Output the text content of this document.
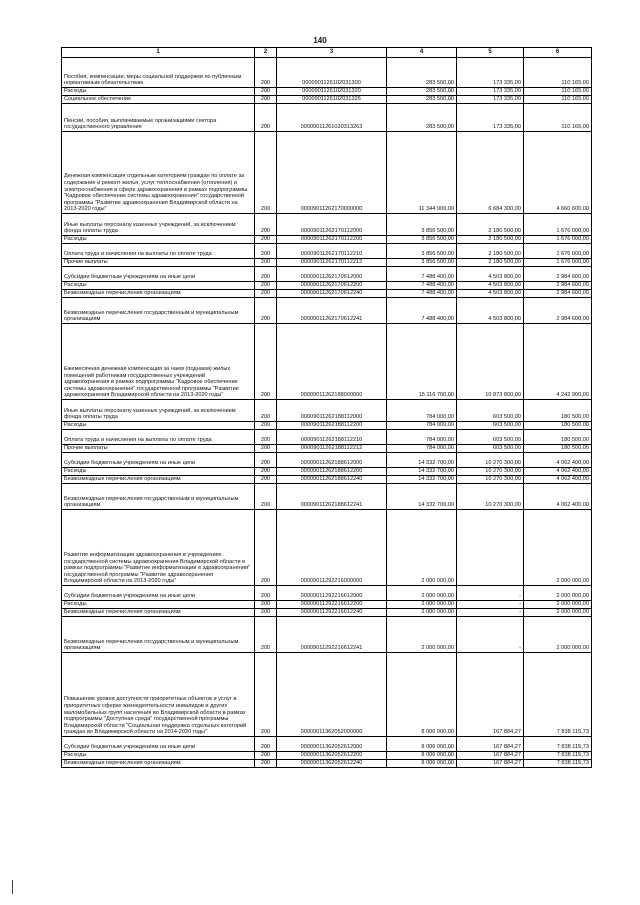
140
1	2	3	4	5	6
Пособия, компенсации, меры социальной поддержки по публичным нормативным обязательствам	200	0000901126102031300	283 500,00	173 335,00	110 165,00
Расходы	200	0000901126102031320	283 500,00	173 335,00	110 165,00
Социальное обеспечение	200	0000901126102031326	283 500,00	173 335,00	110 165,00
Пенсии, пособия, выплачиваемые организациями сектора государственного управления	200	00009011261020313263	283 500,00	173 335,00	110 165,00
Денежная компенсация отдельным категориям граждан по оплате за содержание и ремонт жилья, услуг теплоснабжения (отопления) и электроснабжения в сфере здравоохранения в рамках подпрограммы "Кадровое обеспечение системы здравоохранения" государственной программы "Развитие здравоохранения Владимирской области на 2013-2020 годы"	200	00009011262170000000	11 344 900,00	6 684 300,00	4 660 600,00
Иные выплаты персоналу казенных учреждений, за исключением фонда оплаты труда	200	00009011262170112000	3 856 500,00	2 180 500,00	1 676 000,00
Расходы	200	00009011262170112200	3 856 500,00	2 180 500,00	1 676 000,00
Оплата труда и начисления на выплаты по оплате труда	200	00009011262170112210	3 856 500,00	2 180 500,00	1 676 000,00
Прочие выплаты	200	00009011262170112212	3 856 500,00	2 180 500,00	1 676 000,00
Субсидии бюджетным учреждениям на иные цели	200	00009011262170612000	7 488 400,00	4 503 800,00	2 984 600,00
Расходы	200	00009011262170612200	7 488 400,00	4 503 800,00	2 984 600,00
Безвозмездные перечисления организациям	200	00009011262170612240	7 488 400,00	4 503 800,00	2 984 600,00
Безвозмездные перечисления государственным и муниципальным организациям	200	00009011262170612241	7 488 400,00	4 503 800,00	2 984 600,00
Ежемесячная денежная компенсация за наем (поднаем) жилых помещений работникам государственных учреждений здравоохранения в рамках подпрограммы "Кадровое обеспечение системы здравоохранения" государственной программы "Развитие здравоохранения Владимирской области на 2013-2020 годы"	200	00009011262188000000	15 116 700,00	10 873 800,00	4 242 900,00
Иные выплаты персоналу казенных учреждений, за исключением фонда оплаты труда	200	00009011262188112000	784 000,00	603 500,00	180 500,00
Расходы	200	00009011262188112200	784 000,00	603 500,00	180 500,00
Оплата труда и начисления на выплаты по оплате труда	200	00009011262188112210	784 000,00	603 500,00	180 500,00
Прочие выплаты	200	00009011262188112212	784 000,00	603 500,00	180 500,00
Субсидии бюджетным учреждениям на иные цели	200	00009011262188612000	14 332 700,00	10 270 300,00	4 062 400,00
Расходы	200	00009011262188612200	14 332 700,00	10 270 300,00	4 062 400,00
Безвозмездные перечисления организациям	200	00009011262188612240	14 332 700,00	10 270 300,00	4 062 400,00
Безвозмездные перечисления государственным и муниципальным организациям	200	00009011262188612241	14 332 700,00	10 270 300,00	4 062 400,00
Развитие информатизации здравоохранения в учреждениях государственной системы здравоохранения Владимирской области в рамках подпрограммы "Развитие информатизации в здравоохранении" государственной программы "Развитие здравоохранения Владимирской области на 2013-2020 годы"	200	00009011292216000000	2 000 000,00		2 000 000,00
Субсидии бюджетным учреждениям на иные цели	200	00009011292216612000	2 000 000,00	-	2 000 000,00
Расходы	200	00009011292216612200	2 000 000,00	-	2 000 000,00
Безвозмездные перечисления организациям	200	00009011292216612240	2 000 000,00	-	2 000 000,00
Безвозмездные перечисления государственным и муниципальным организациям	200	00009011292216612241	2 000 000,00	-	2 000 000,00
Повышение уровня доступности приоритетных объектов и услуг в приоритетных сферах жизнедеятельности инвалидов и других маломобильных групп населения во Владимирской области в рамках подпрограммы "Доступная среда" государственной программы Владимирской области "Социальная поддержка отдельных категорий граждан во Владимирской области на 2014-2020 годы"	200	00009011362052000000	8 006 000,00	167 884,27	7 838 115,73
Субсидии бюджетным учреждениям на иные цели	200	00009011362052612000	8 006 000,00	167 884,27	7 838 115,73
Расходы	200	00009011362052612200	8 006 000,00	167 884,27	7 838 115,73
Безвозмездные перечисления организациям	200	00009011362052612240	8 006 000,00	167 884,27	7 838 115,73
